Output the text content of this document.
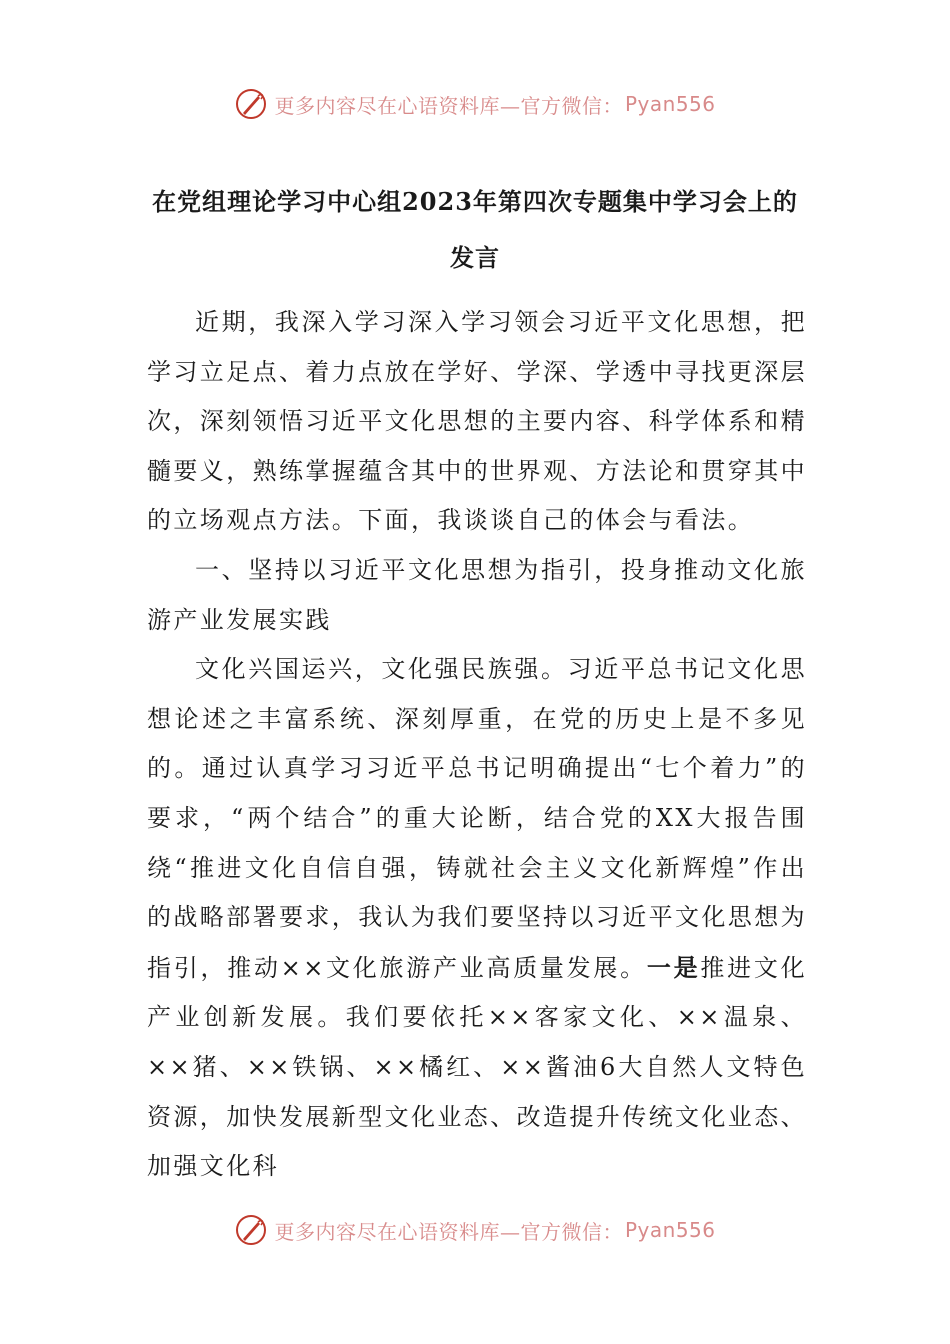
更多内容尽在心语资料库—官方微信： Pyan556
在党组理论学习中心组2023年第四次专题集中学习会上的
发言

近期，我深入学习深入学习领会习近平文化思想，把学习立足点、着力点放在学好、学深、学透中寻找更深层次，深刻领悟习近平文化思想的主要内容、科学体系和精髓要义，熟练掌握蕴含其中的世界观、方法论和贯穿其中的立场观点方法。下面，我谈谈自己的体会与看法。

一、坚持以习近平文化思想为指引，投身推动文化旅游产业发展实践

文化兴国运兴，文化强民族强。习近平总书记文化思想论述之丰富系统、深刻厚重，在党的历史上是不多见的。通过认真学习习近平总书记明确提出“七个着力”的要求，“两个结合”的重大论断，结合党的XX大报告围绕“推进文化自信自强，铸就社会主义文化新辉煌”作出的战略部署要求，我认为我们要坚持以习近平文化思想为指引，推动××文化旅游产业高质量发展。一是推进文化产业创新发展。我们要依托××客家文化、××温泉、××猪、××铁锅、××橘红、××酱油6大自然人文特色资源，加快发展新型文化业态、改造提升传统文化业态、加强文化科

更多内容尽在心语资料库—官方微信： Pyan556
